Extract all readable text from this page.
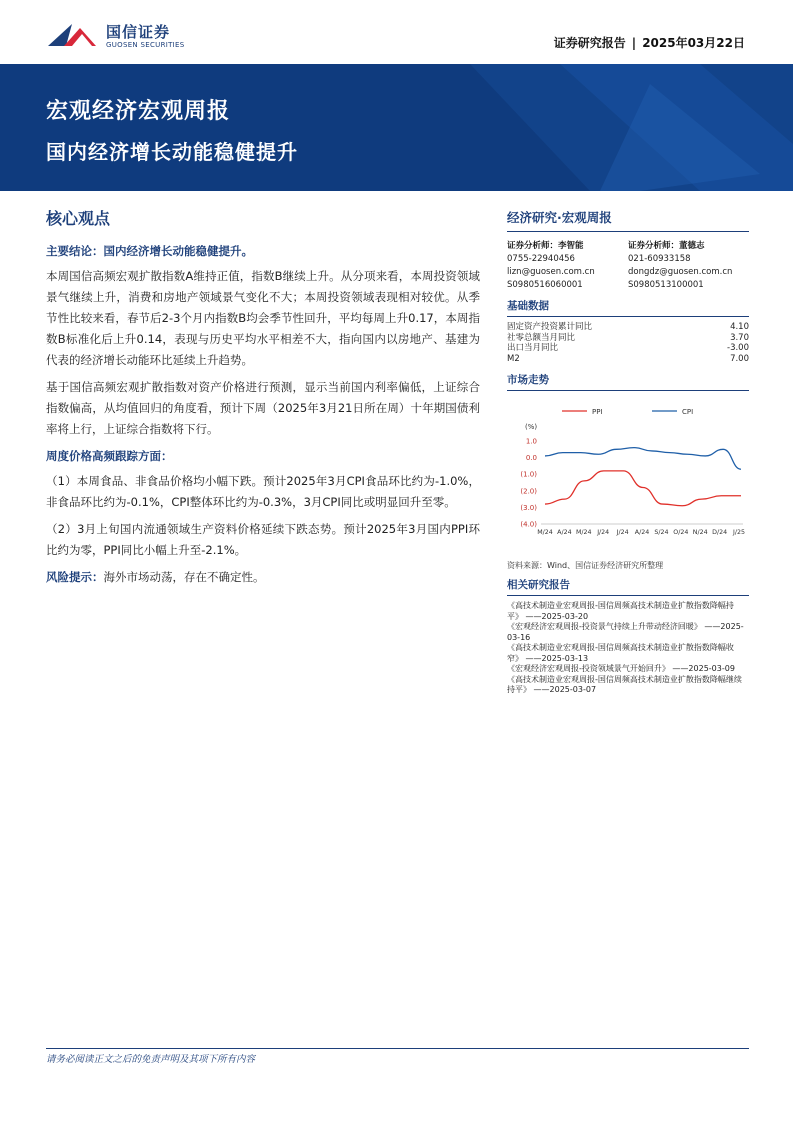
国信证券
GUOSEN SECURITIES	证券研究报告 | 2025年03月22日
宏观经济宏观周报
国内经济增长动能稳健提升
核心观点
主要结论：国内经济增长动能稳健提升。
本周国信高频宏观扩散指数A维持正值，指数B继续上升。从分项来看，本周投资领域景气继续上升，消费和房地产领域景气变化不大；本周投资领域表现相对较优。从季节性比较来看，春节后2-3个月内指数B均会季节性回升，平均每周上升0.17，本周指数B标准化后上升0.14，表现与历史平均水平相差不大，指向国内以房地产、基建为代表的经济增长动能环比延续上升趋势。
基于国信高频宏观扩散指数对资产价格进行预测，显示当前国内利率偏低，上证综合指数偏高，从均值回归的角度看，预计下周（2025年3月21日所在周）十年期国债利率将上行，上证综合指数将下行。
周度价格高频跟踪方面：
（1）本周食品、非食品价格均小幅下跌。预计2025年3月CPI食品环比约为-1.0%，非食品环比约为-0.1%，CPI整体环比约为-0.3%，3月CPI同比或明显回升至零。
（2）3月上旬国内流通领域生产资料价格延续下跌态势。预计2025年3月国内PPI环比约为零，PPI同比小幅上升至-2.1%。
风险提示：海外市场动荡，存在不确定性。
经济研究·宏观周报
证券分析师：李智能
0755-22940456
lizn@guosen.com.cn
S0980516060001
证券分析师：董德志
021-60933158
dongdz@guosen.com.cn
S0980513100001
基础数据
固定资产投资累计同比	4.10
社零总额当月同比	3.70
出口当月同比	-3.00
M2	7.00
市场走势
PPI	CPI
(%)
1.0
0.0
(1.0)
(2.0)
(3.0)
(4.0)
M/24 A/24 M/24 J/24 J/24 A/24 S/24 O/24 N/24 D/24 J/25
资料来源：Wind、国信证券经济研究所整理
相关研究报告
《高技术制造业宏观周报-国信周频高技术制造业扩散指数降幅持平》 ——2025-03-20
《宏观经济宏观周报-投资景气持续上升带动经济回暖》 ——2025-03-16
《高技术制造业宏观周报-国信周频高技术制造业扩散指数降幅收窄》 ——2025-03-13
《宏观经济宏观周报-投资领域景气开始回升》 ——2025-03-09
《高技术制造业宏观周报-国信周频高技术制造业扩散指数降幅继续持平》 ——2025-03-07
请务必阅读正文之后的免责声明及其项下所有内容
